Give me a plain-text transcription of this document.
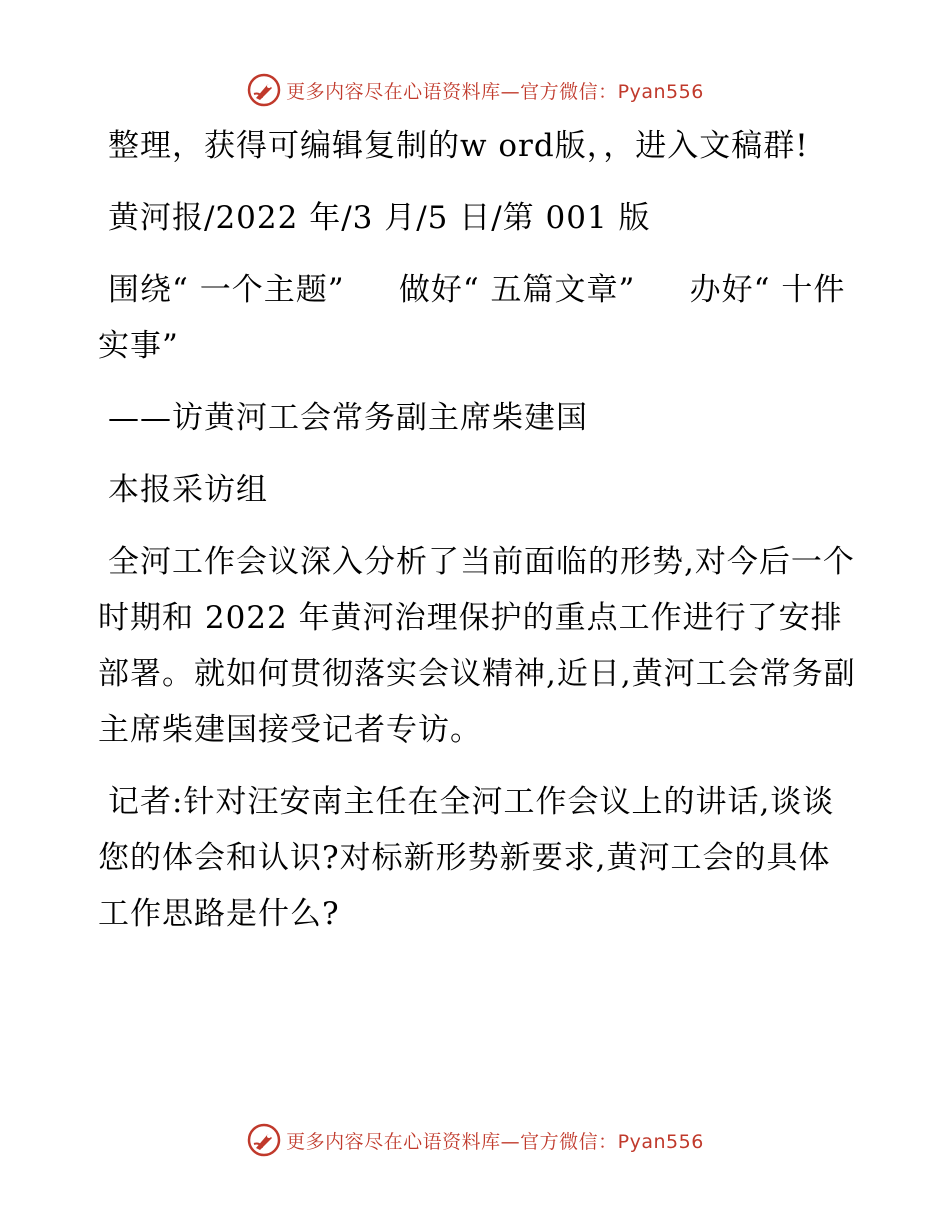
更多内容尽在心语资料库—官方微信：Pyan556

整理，获得可编辑复制的w ord版，，进入文稿群!

黄河报/2022 年/3 月/5 日/第 001 版

围绕“ 一个主题”     做好“ 五篇文章”     办好“ 十件实事”

——访黄河工会常务副主席柴建国

本报采访组

全河工作会议深入分析了当前面临的形势,对今后一个时期和 2022 年黄河治理保护的重点工作进行了安排部署。就如何贯彻落实会议精神,近日,黄河工会常务副主席柴建国接受记者专访。

记者:针对汪安南主任在全河工作会议上的讲话,谈谈您的体会和认识?对标新形势新要求,黄河工会的具体工作思路是什么?

更多内容尽在心语资料库—官方微信：Pyan556
